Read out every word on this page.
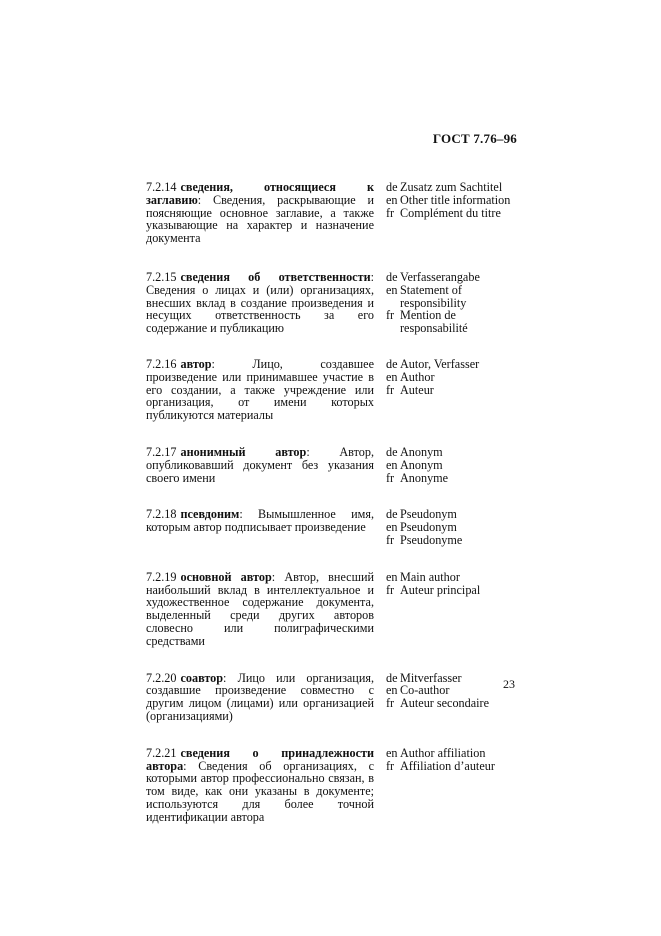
ГОСТ 7.76–96
7.2.14 сведения, относящиеся к заглавию: Сведения, раскрывающие и поясняющие основное заглавие, а также указывающие на характер и назначение документа
de Zusatz zum Sachtitel
en Other title information
fr Complément du titre
7.2.15 сведения об ответственности: Сведения о лицах и (или) организациях, внесших вклад в создание произведения и несущих ответственность за его содержание и публикацию
de Verfasserangabe
en Statement of responsibility
fr Mention de responsabilité
7.2.16 автор: Лицо, создавшее произведение или принимавшее участие в его создании, а также учреждение или организация, от имени которых публикуются материалы
de Autor, Verfasser
en Author
fr Auteur
7.2.17 анонимный автор: Автор, опубликовавший документ без указания своего имени
de Anonym
en Anonym
fr Anonyme
7.2.18 псевдоним: Вымышленное имя, которым автор подписывает произведение
de Pseudonym
en Pseudonym
fr Pseudonyme
7.2.19 основной автор: Автор, внесший наибольший вклад в интеллектуальное и художественное содержание документа, выделенный среди других авторов словесно или полиграфическими средствами
en Main author
fr Auteur principal
7.2.20 соавтор: Лицо или организация, создавшие произведение совместно с другим лицом (лицами) или организацией (организациями)
de Mitverfasser
en Co-author
fr Auteur secondaire
7.2.21 сведения о принадлежности автора: Сведения об организациях, с которыми автор профессионально связан, в том виде, как они указаны в документе; используются для более точной идентификации автора
en Author affiliation
fr Affiliation d’auteur
23
